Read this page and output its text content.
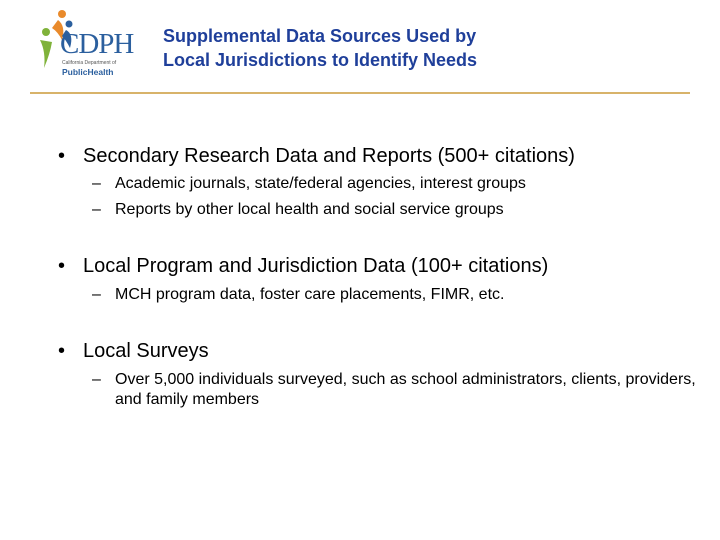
CDPH
California Department of
PublicHealth
Supplemental Data Sources Used by
Local Jurisdictions to Identify Needs
• Secondary Research Data and Reports (500+ citations)
– Academic journals, state/federal agencies, interest groups
– Reports by other local health and social service groups
• Local Program and Jurisdiction Data (100+ citations)
– MCH program data, foster care placements, FIMR, etc.
• Local Surveys
– Over 5,000 individuals surveyed, such as school administrators, clients, providers, and family members
